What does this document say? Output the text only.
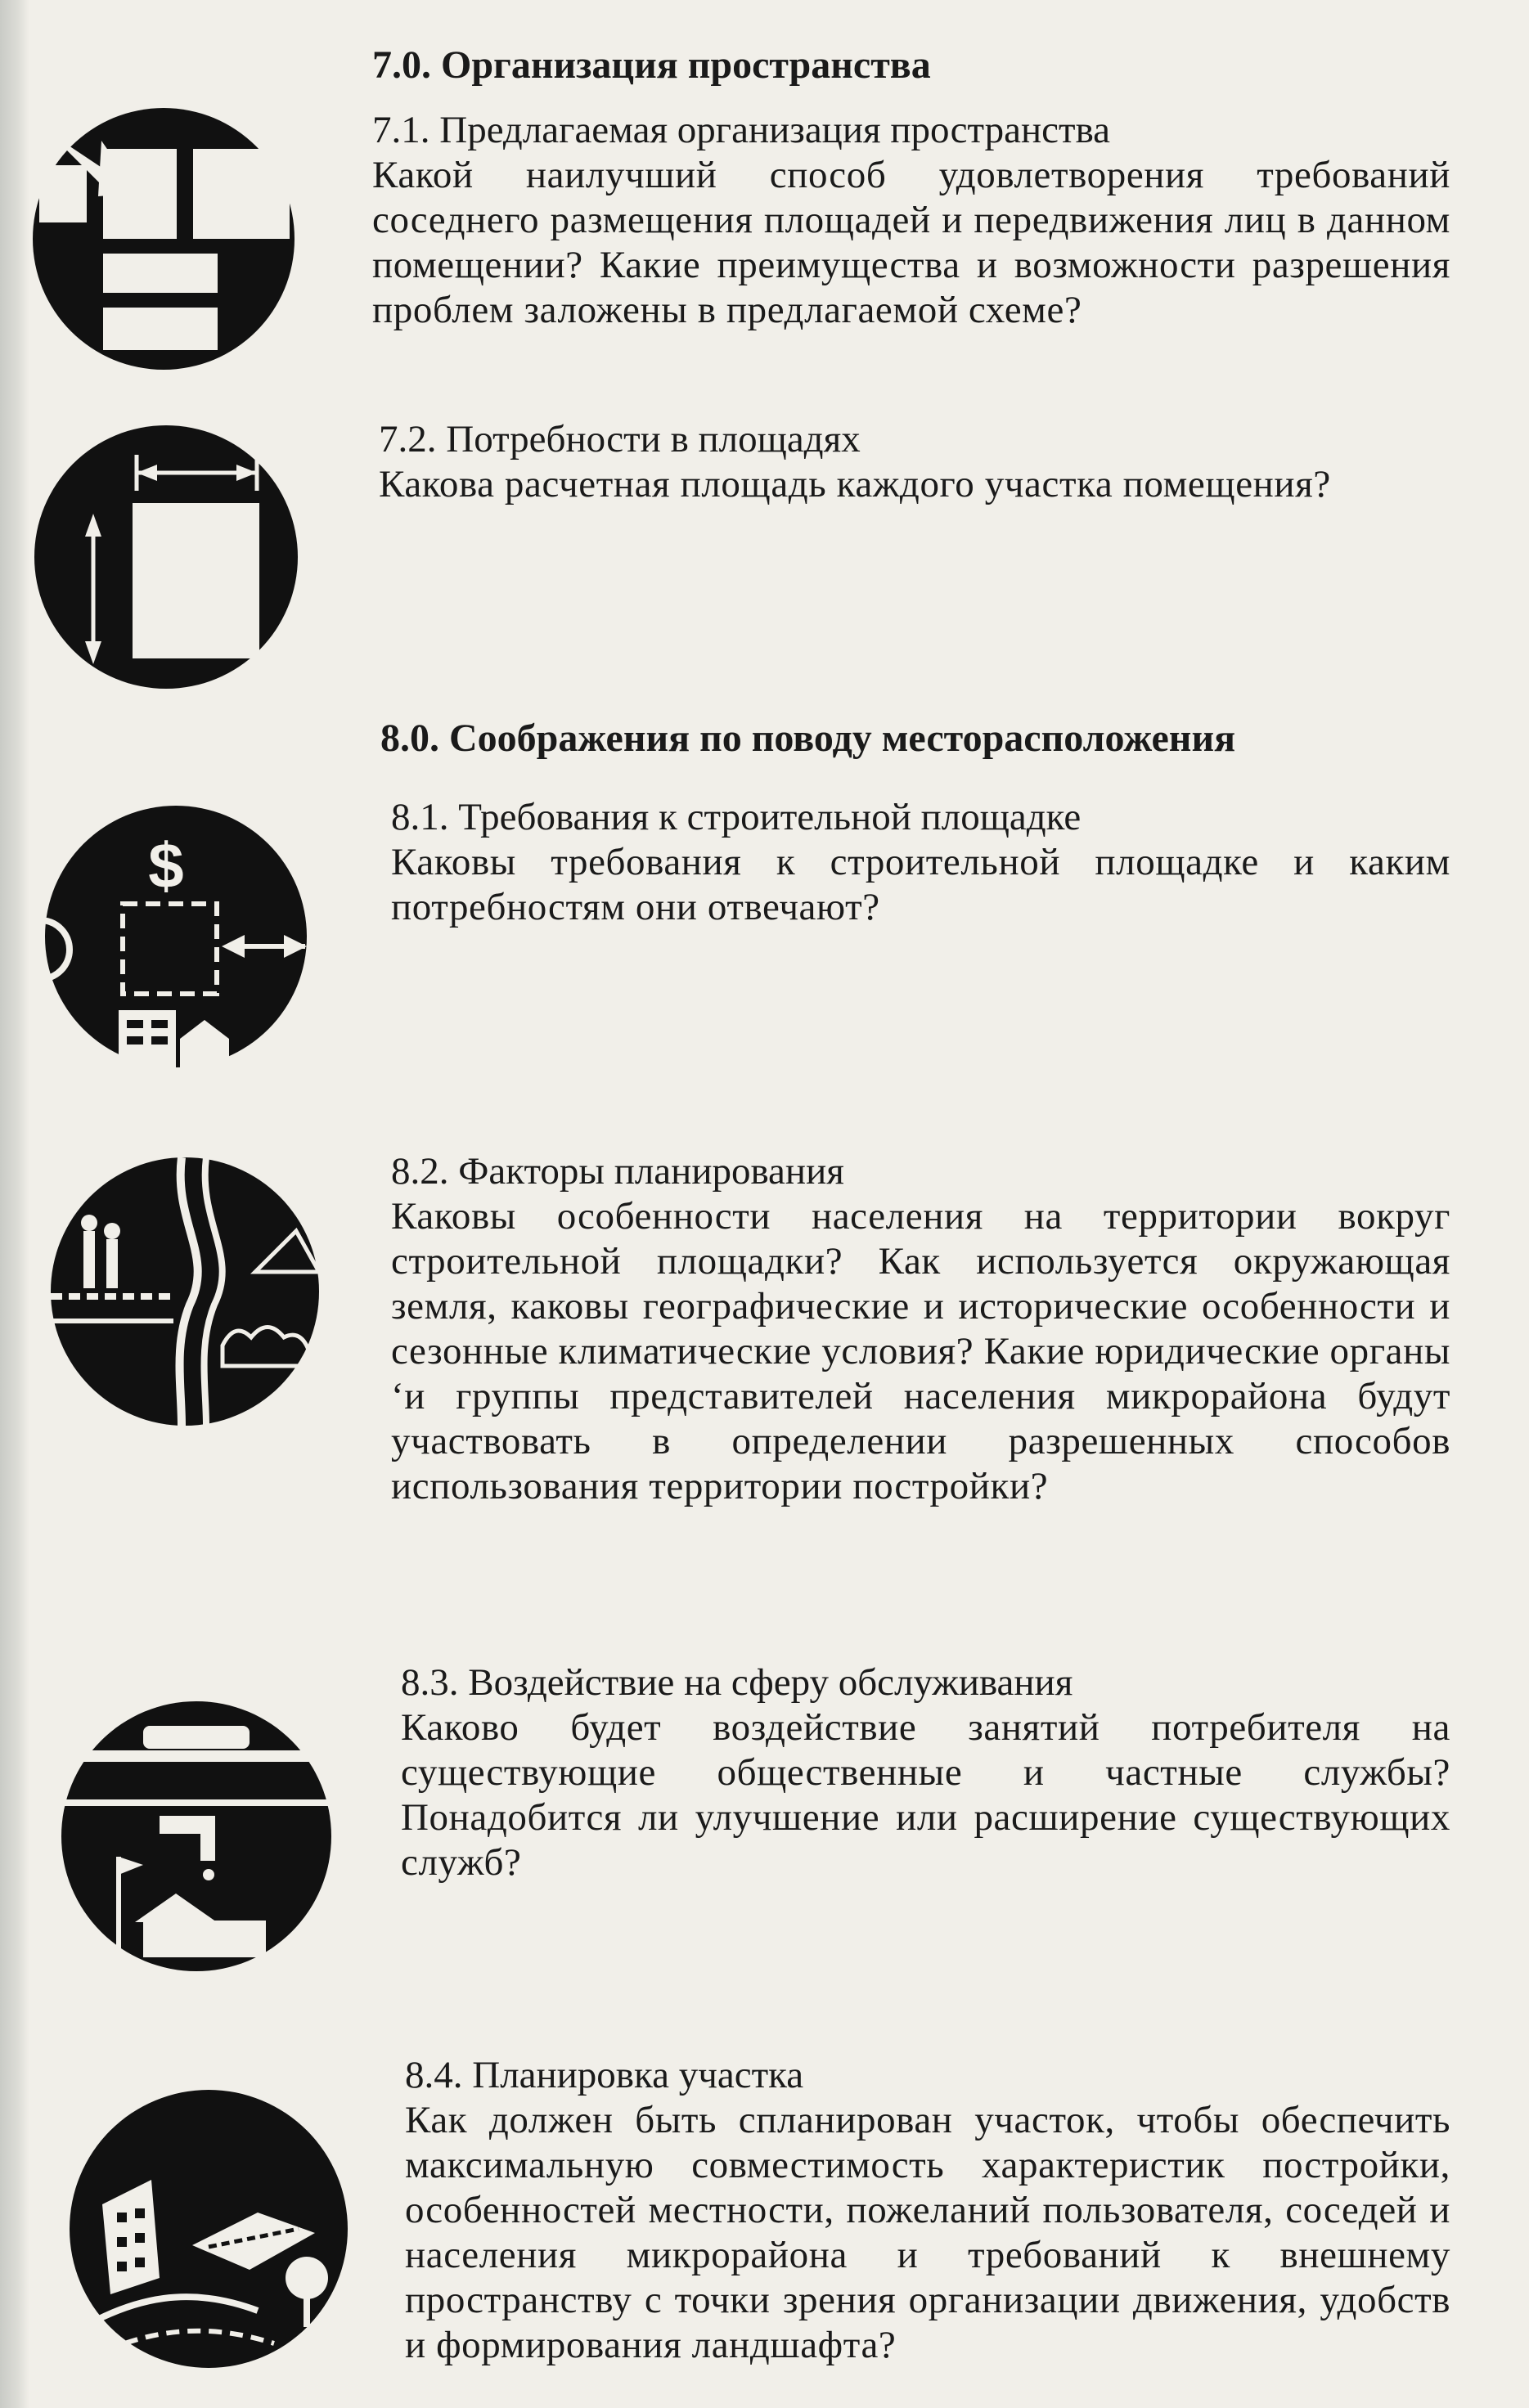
7.0. Организация пространства
7.1. Предлагаемая организация пространства

Какой наилучший способ удовлетворения требований соседнего размещения площадей и передвижения лиц в данном помещении? Какие преимущества и возможности разрешения проблем заложены в предлагаемой схеме?

7.2. Потребности в площадях

Какова расчетная площадь каждого участка помещения?

8.0. Соображения по поводу месторасположения
$
8.1. Требования к строительной площадке

Каковы требования к строительной площадке и каким потребностям они отвечают?

8.2. Факторы планирования

Каковы особенности населения на территории вокруг строительной площадки? Как используется окружающая земля, каковы географические и исторические особенности и сезонные климатические условия? Какие юридические органы ‘и группы представителей населения микрорайона будут участвовать в определении разрешенных способов использования территории постройки?

8.3. Воздействие на сферу обслуживания

Каково будет воздействие занятий потребителя на существующие общественные и частные службы? Понадобится ли улучшение или расширение существующих служб?

8.4. Планировка участка

Как должен быть спланирован участок, чтобы обеспечить максимальную совместимость характеристик постройки, особенностей местности, пожеланий пользователя, соседей и населения микрорайона и требований к внешнему пространству с точки зрения организации движения, удобств и формирования ландшафта?
